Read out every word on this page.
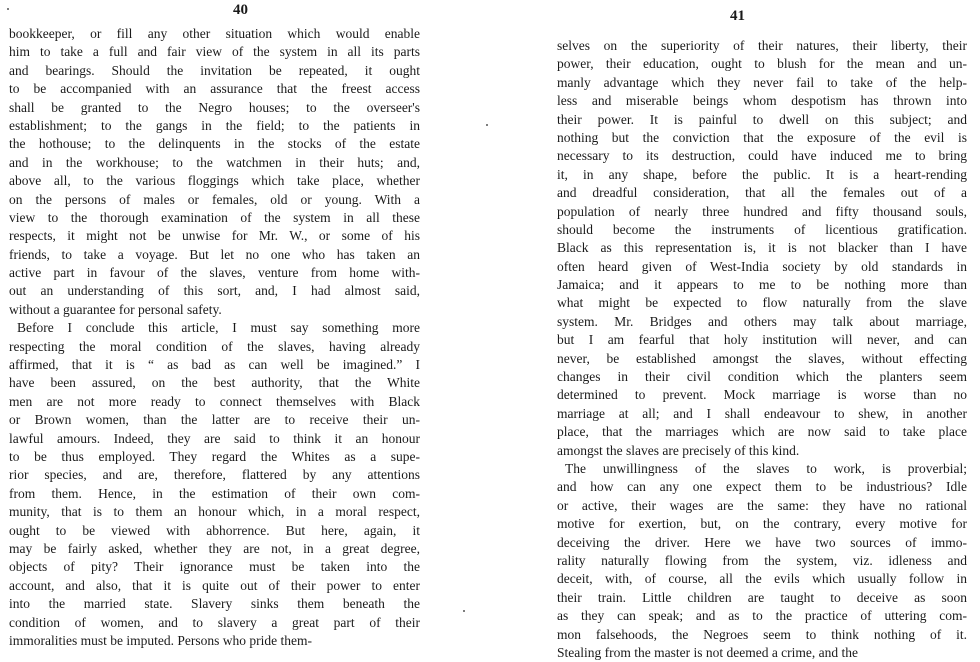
40
bookkeeper, or fill any other situation which would enable
him to take a full and fair view of the system in all its parts
and bearings. Should the invitation be repeated, it ought
to be accompanied with an assurance that the freest access
shall be granted to the Negro houses; to the overseer's
establishment; to the gangs in the field; to the patients in
the hothouse; to the delinquents in the stocks of the estate
and in the workhouse; to the watchmen in their huts; and,
above all, to the various floggings which take place, whether
on the persons of males or females, old or young. With a
view to the thorough examination of the system in all these
respects, it might not be unwise for Mr. W., or some of his
friends, to take a voyage. But let no one who has taken an
active part in favour of the slaves, venture from home with-
out an understanding of this sort, and, I had almost said,
without a guarantee for personal safety.
Before I conclude this article, I must say something more
respecting the moral condition of the slaves, having already
affirmed, that it is “ as bad as can well be imagined.” I
have been assured, on the best authority, that the White
men are not more ready to connect themselves with Black
or Brown women, than the latter are to receive their un-
lawful amours. Indeed, they are said to think it an honour
to be thus employed. They regard the Whites as a supe-
rior species, and are, therefore, flattered by any attentions
from them. Hence, in the estimation of their own com-
munity, that is to them an honour which, in a moral respect,
ought to be viewed with abhorrence. But here, again, it
may be fairly asked, whether they are not, in a great degree,
objects of pity? Their ignorance must be taken into the
account, and also, that it is quite out of their power to enter
into the married state. Slavery sinks them beneath the
condition of women, and to slavery a great part of their
immoralities must be imputed. Persons who pride them-
41
selves on the superiority of their natures, their liberty, their
power, their education, ought to blush for the mean and un-
manly advantage which they never fail to take of the help-
less and miserable beings whom despotism has thrown into
their power. It is painful to dwell on this subject; and
nothing but the conviction that the exposure of the evil is
necessary to its destruction, could have induced me to bring
it, in any shape, before the public. It is a heart-rending
and dreadful consideration, that all the females out of a
population of nearly three hundred and fifty thousand souls,
should become the instruments of licentious gratification.
Black as this representation is, it is not blacker than I have
often heard given of West-India society by old standards in
Jamaica; and it appears to me to be nothing more than
what might be expected to flow naturally from the slave
system. Mr. Bridges and others may talk about marriage,
but I am fearful that holy institution will never, and can
never, be established amongst the slaves, without effecting
changes in their civil condition which the planters seem
determined to prevent. Mock marriage is worse than no
marriage at all; and I shall endeavour to shew, in another
place, that the marriages which are now said to take place
amongst the slaves are precisely of this kind.
The unwillingness of the slaves to work, is proverbial;
and how can any one expect them to be industrious? Idle
or active, their wages are the same: they have no rational
motive for exertion, but, on the contrary, every motive for
deceiving the driver. Here we have two sources of immo-
rality naturally flowing from the system, viz. idleness and
deceit, with, of course, all the evils which usually follow in
their train. Little children are taught to deceive as soon
as they can speak; and as to the practice of uttering com-
mon falsehoods, the Negroes seem to think nothing of it.
Stealing from the master is not deemed a crime, and the
